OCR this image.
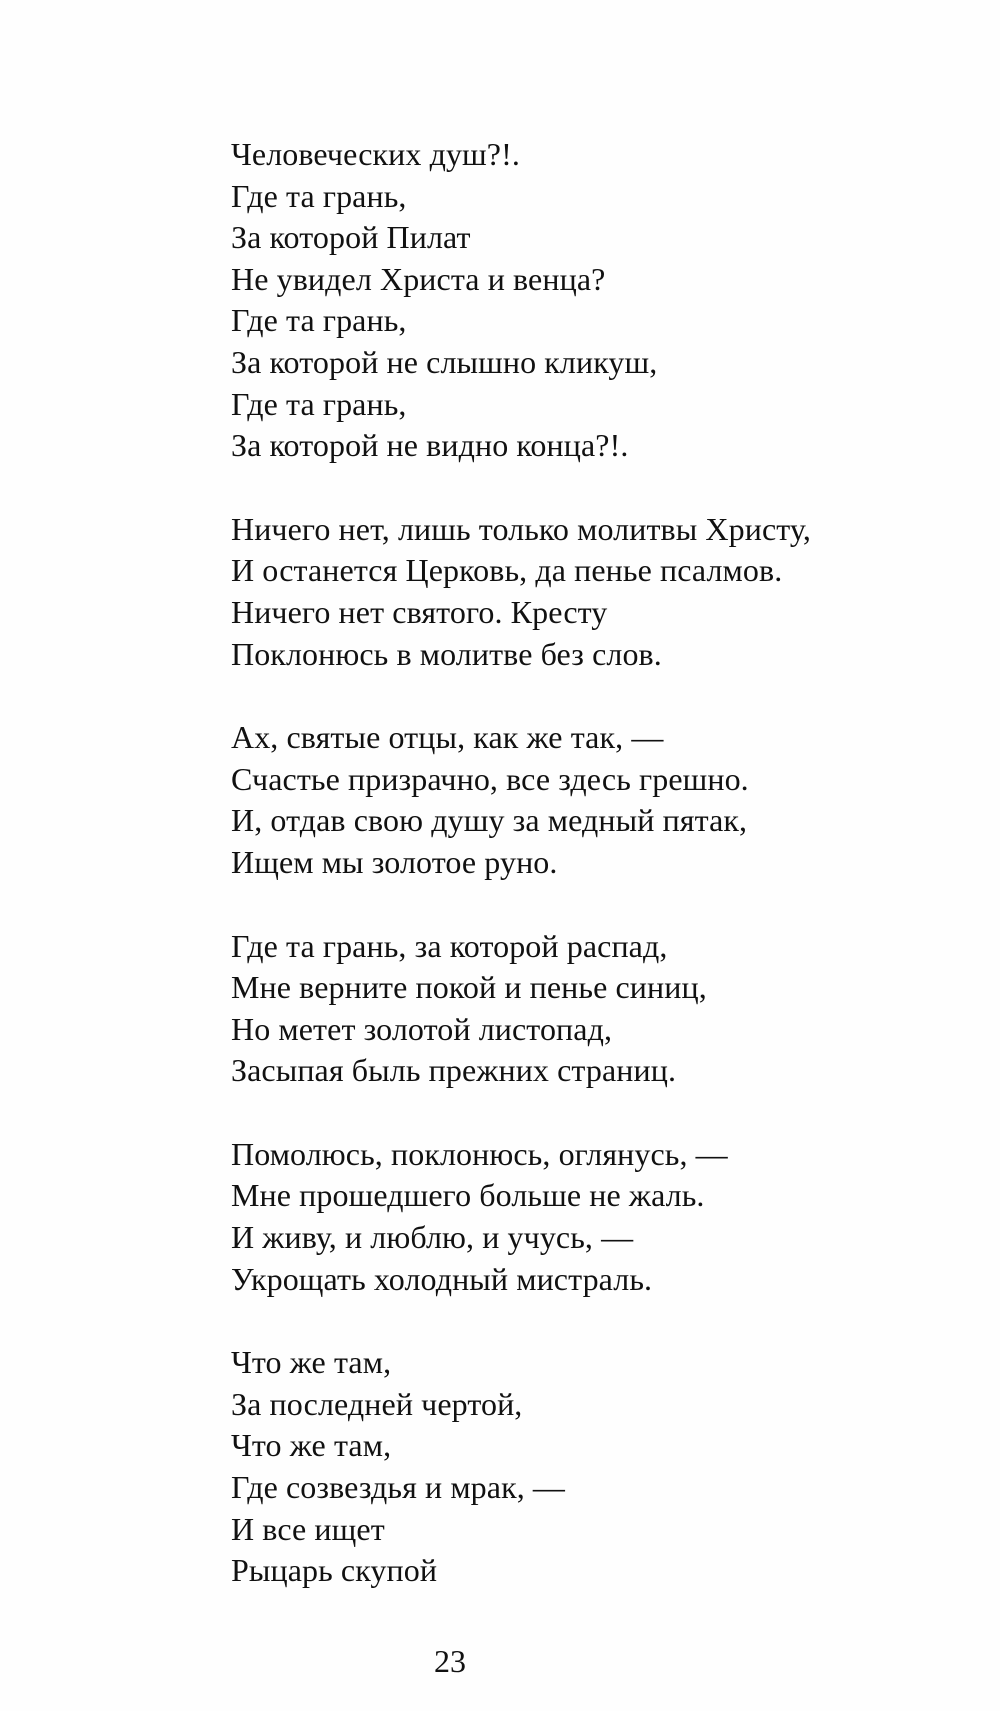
Человеческих душ?!.
Где та грань,
За которой Пилат
Не увидел Христа и венца?
Где та грань,
За которой не слышно кликуш,
Где та грань,
За которой не видно конца?!.
Ничего нет, лишь только молитвы Христу,
И останется Церковь, да пенье псалмов.
Ничего нет святого. Кресту
Поклонюсь в молитве без слов.
Ах, святые отцы, как же так, —
Счастье призрачно, все здесь грешно.
И, отдав свою душу за медный пятак,
Ищем мы золотое руно.
Где та грань, за которой распад,
Мне верните покой и пенье синиц,
Но метет золотой листопад,
Засыпая быль прежних страниц.
Помолюсь, поклонюсь, оглянусь, —
Мне прошедшего больше не жаль.
И живу, и люблю, и учусь, —
Укрощать холодный мистраль.
Что же там,
За последней чертой,
Что же там,
Где созвездья и мрак, —
И все ищет
Рыцарь скупой
23
